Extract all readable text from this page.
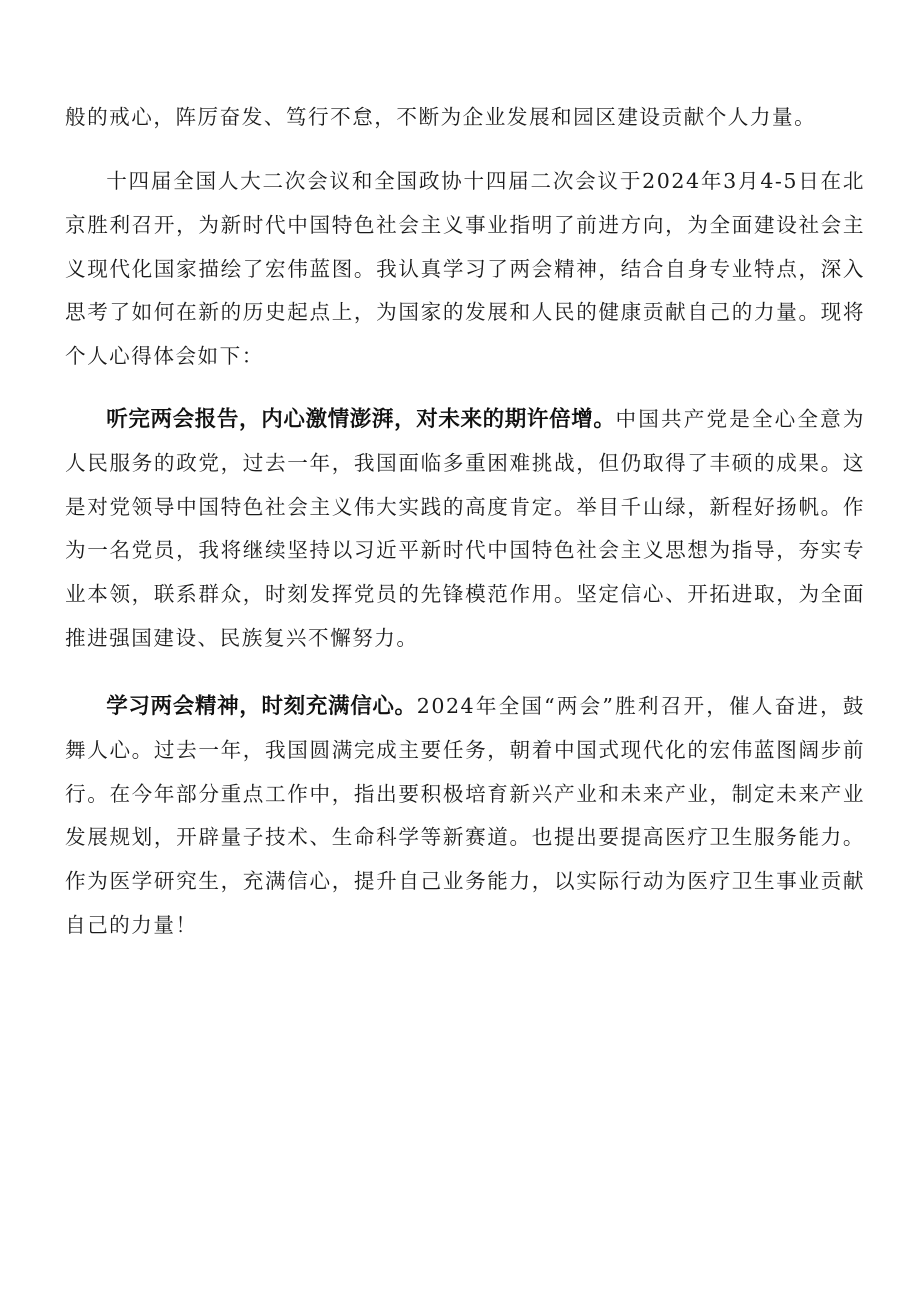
般的戒心，阵厉奋发、笃行不怠，不断为企业发展和园区建设贡献个人力量。

十四届全国人大二次会议和全国政协十四届二次会议于2024年3月4-5日在北京胜利召开，为新时代中国特色社会主义事业指明了前进方向，为全面建设社会主义现代化国家描绘了宏伟蓝图。我认真学习了两会精神，结合自身专业特点，深入思考了如何在新的历史起点上，为国家的发展和人民的健康贡献自己的力量。现将个人心得体会如下：

听完两会报告，内心激情澎湃，对未来的期许倍增。中国共产党是全心全意为人民服务的政党，过去一年，我国面临多重困难挑战，但仍取得了丰硕的成果。这是对党领导中国特色社会主义伟大实践的高度肯定。举目千山绿，新程好扬帆。作为一名党员，我将继续坚持以习近平新时代中国特色社会主义思想为指导，夯实专业本领，联系群众，时刻发挥党员的先锋模范作用。坚定信心、开拓进取，为全面推进强国建设、民族复兴不懈努力。

学习两会精神，时刻充满信心。2024年全国“两会”胜利召开，催人奋进，鼓舞人心。过去一年，我国圆满完成主要任务，朝着中国式现代化的宏伟蓝图阔步前行。在今年部分重点工作中，指出要积极培育新兴产业和未来产业，制定未来产业发展规划，开辟量子技术、生命科学等新赛道。也提出要提高医疗卫生服务能力。作为医学研究生，充满信心，提升自己业务能力，以实际行动为医疗卫生事业贡献自己的力量！
